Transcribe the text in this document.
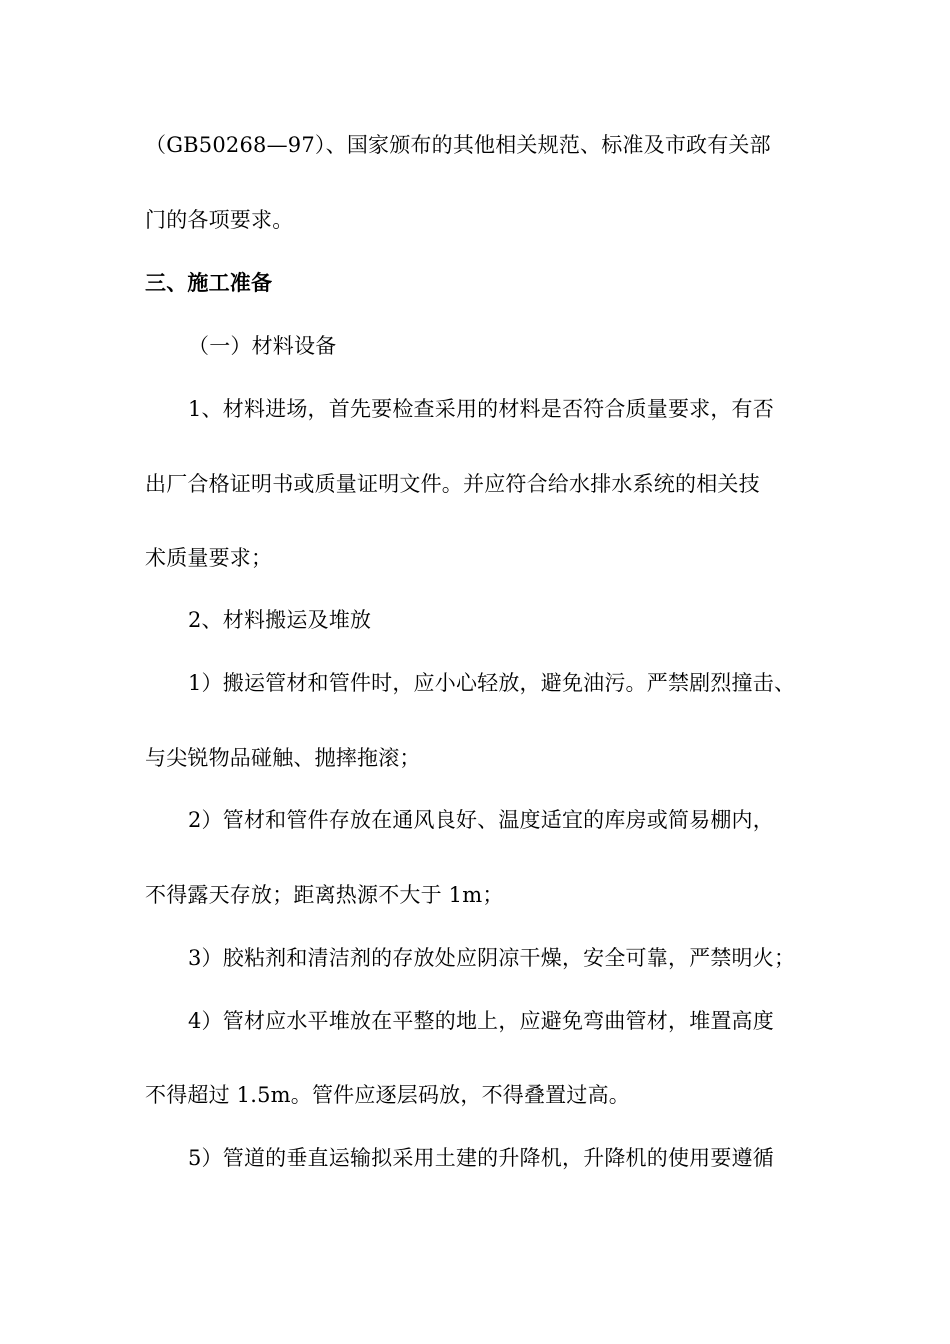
（GB50268—97）、国家颁布的其他相关规范、标准及市政有关部
门的各项要求。
三、施工准备
（一）材料设备
1、材料进场，首先要检查采用的材料是否符合质量要求，有否
出厂合格证明书或质量证明文件。并应符合给水排水系统的相关技
术质量要求；
2、材料搬运及堆放
1）搬运管材和管件时，应小心轻放，避免油污。严禁剧烈撞击、
与尖锐物品碰触、抛摔拖滚；
2）管材和管件存放在通风良好、温度适宜的库房或简易棚内，
不得露天存放；距离热源不大于 1m；
3）胶粘剂和清洁剂的存放处应阴凉干燥，安全可靠，严禁明火；
4）管材应水平堆放在平整的地上，应避免弯曲管材，堆置高度
不得超过 1.5m。管件应逐层码放，不得叠置过高。
5）管道的垂直运输拟采用土建的升降机，升降机的使用要遵循
